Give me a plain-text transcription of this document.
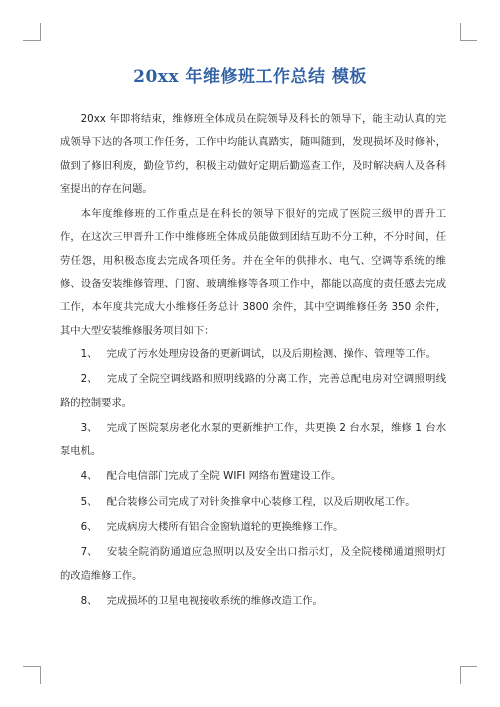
20xx 年维修班工作总结 模板

20xx 年即将结束，维修班全体成员在院领导及科长的领导下，能主动认真的完成领导下达的各项工作任务，工作中均能认真踏实，随叫随到，发现损坏及时修补，做到了修旧利废，勤俭节约，积极主动做好定期后勤巡查工作，及时解决病人及各科室提出的存在问题。

本年度维修班的工作重点是在科长的领导下很好的完成了医院三级甲的晋升工作，在这次三甲晋升工作中维修班全体成员能做到团结互助不分工种，不分时间，任劳任怨，用积极态度去完成各项任务。并在全年的供排水、电气、空调等系统的维修、设备安装维修管理、门窗、玻璃维修等各项工作中，都能以高度的责任感去完成工作，本年度共完成大小维修任务总计 3800 余件，其中空调维修任务 350 余件，其中大型安装维修服务项目如下：

1、 完成了污水处理房设备的更新调试，以及后期检测、操作、管理等工作。

2、 完成了全院空调线路和照明线路的分离工作，完善总配电房对空调照明线路的控制要求。

3、 完成了医院泵房老化水泵的更新维护工作，共更换 2 台水泵，维修 1 台水泵电机。

4、 配合电信部门完成了全院 WIFI 网络布置建设工作。

5、 配合装修公司完成了对针灸推拿中心装修工程，以及后期收尾工作。

6、 完成病房大楼所有铝合金窗轨道轮的更换维修工作。

7、 安装全院消防通道应急照明以及安全出口指示灯，及全院楼梯通道照明灯的改造维修工作。

8、 完成损坏的卫星电视接收系统的维修改造工作。
